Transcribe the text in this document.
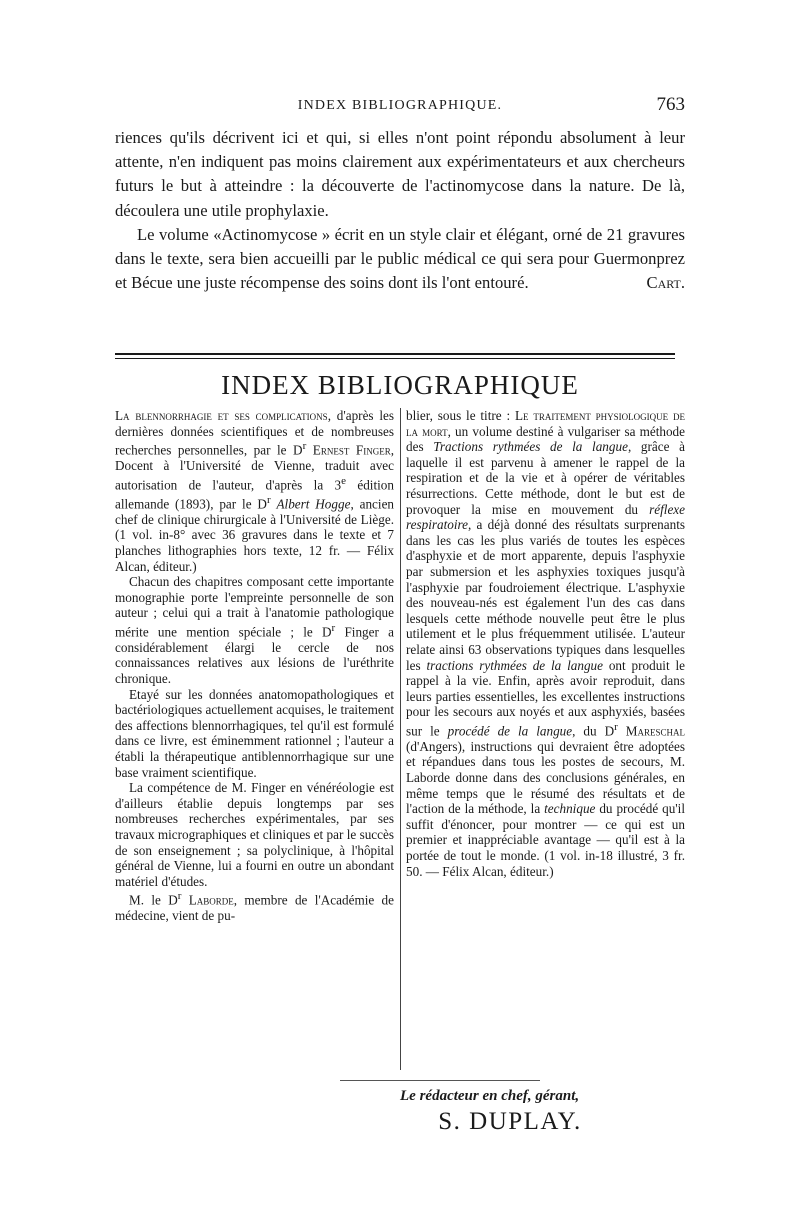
INDEX BIBLIOGRAPHIQUE.	763

riences qu'ils décrivent ici et qui, si elles n'ont point répondu absolument à leur attente, n'en indiquent pas moins clairement aux expérimentateurs et aux chercheurs futurs le but à atteindre : la découverte de l'actinomycose dans la nature. De là, découlera une utile prophylaxie.

Le volume «Actinomycose » écrit en un style clair et élégant, orné de 21 gravures dans le texte, sera bien accueilli par le public médical ce qui sera pour Guermonprez et Bécue une juste récompense des soins dont ils l'ont entouré.	Cart.

INDEX BIBLIOGRAPHIQUE

La blennorrhagie et ses complications, d'après les dernières données scientifiques et de nombreuses recherches personnelles, par le $D^r$ Ernest Finger, Docent à l'Université de Vienne, traduit avec autorisation de l'auteur, d'après la 3e édition allemande (1893), par le $D^r$ Albert Hogge, ancien chef de clinique chirurgicale à l'Université de Liège. (1 vol. in-8° avec 36 gravures dans le texte et 7 planches lithographies hors texte, 12 fr. — Félix Alcan, éditeur.)

Chacun des chapitres composant cette importante monographie porte l'empreinte personnelle de son auteur ; celui qui a trait à l'anatomie pathologique mérite une mention spéciale ; le $D^r$ Finger a considérablement élargi le cercle de nos connaissances relatives aux lésions de l'uréthrite chronique.

Etayé sur les données anatomopathologiques et bactériologiques actuellement acquises, le traitement des affections blennorrhagiques, tel qu'il est formulé dans ce livre, est éminemment rationnel ; l'auteur a établi la thérapeutique antiblennorrhagique sur une base vraiment scientifique.

La compétence de M. Finger en vénéréologie est d'ailleurs établie depuis longtemps par ses nombreuses recherches expérimentales, par ses travaux micrographiques et cliniques et par le succès de son enseignement ; sa polyclinique, à l'hôpital général de Vienne, lui a fourni en outre un abondant matériel d'études.

M. le $D^r$ Laborde, membre de l'Académie de médecine, vient de pu-

blier, sous le titre : Le traitement physiologique de la mort, un volume destiné à vulgariser sa méthode des Tractions rythmées de la langue, grâce à laquelle il est parvenu à amener le rappel de la respiration et de la vie et à opérer de véritables résurrections. Cette méthode, dont le but est de provoquer la mise en mouvement du réflexe respiratoire, a déjà donné des résultats surprenants dans les cas les plus variés de toutes les espèces d'asphyxie et de mort apparente, depuis l'asphyxie par submersion et les asphyxies toxiques jusqu'à l'asphyxie par foudroiement électrique. L'asphyxie des nouveau-nés est également l'un des cas dans lesquels cette méthode nouvelle peut être le plus utilement et le plus fréquemment utilisée. L'auteur relate ainsi 63 observations typiques dans lesquelles les tractions rythmées de la langue ont produit le rappel à la vie. Enfin, après avoir reproduit, dans leurs parties essentielles, les excellentes instructions pour les secours aux noyés et aux asphyxiés, basées sur le procédé de la langue, du $D^r$ Mareschal (d'Angers), instructions qui devraient être adoptées et répandues dans tous les postes de secours, M. Laborde donne dans des conclusions générales, en même temps que le résumé des résultats et de l'action de la méthode, la technique du procédé qu'il suffit d'énoncer, pour montrer — ce qui est un premier et inappréciable avantage — qu'il est à la portée de tout le monde. (1 vol. in-18 illustré, 3 fr. 50. — Félix Alcan, éditeur.)

Le rédacteur en chef, gérant,
S. DUPLAY.
